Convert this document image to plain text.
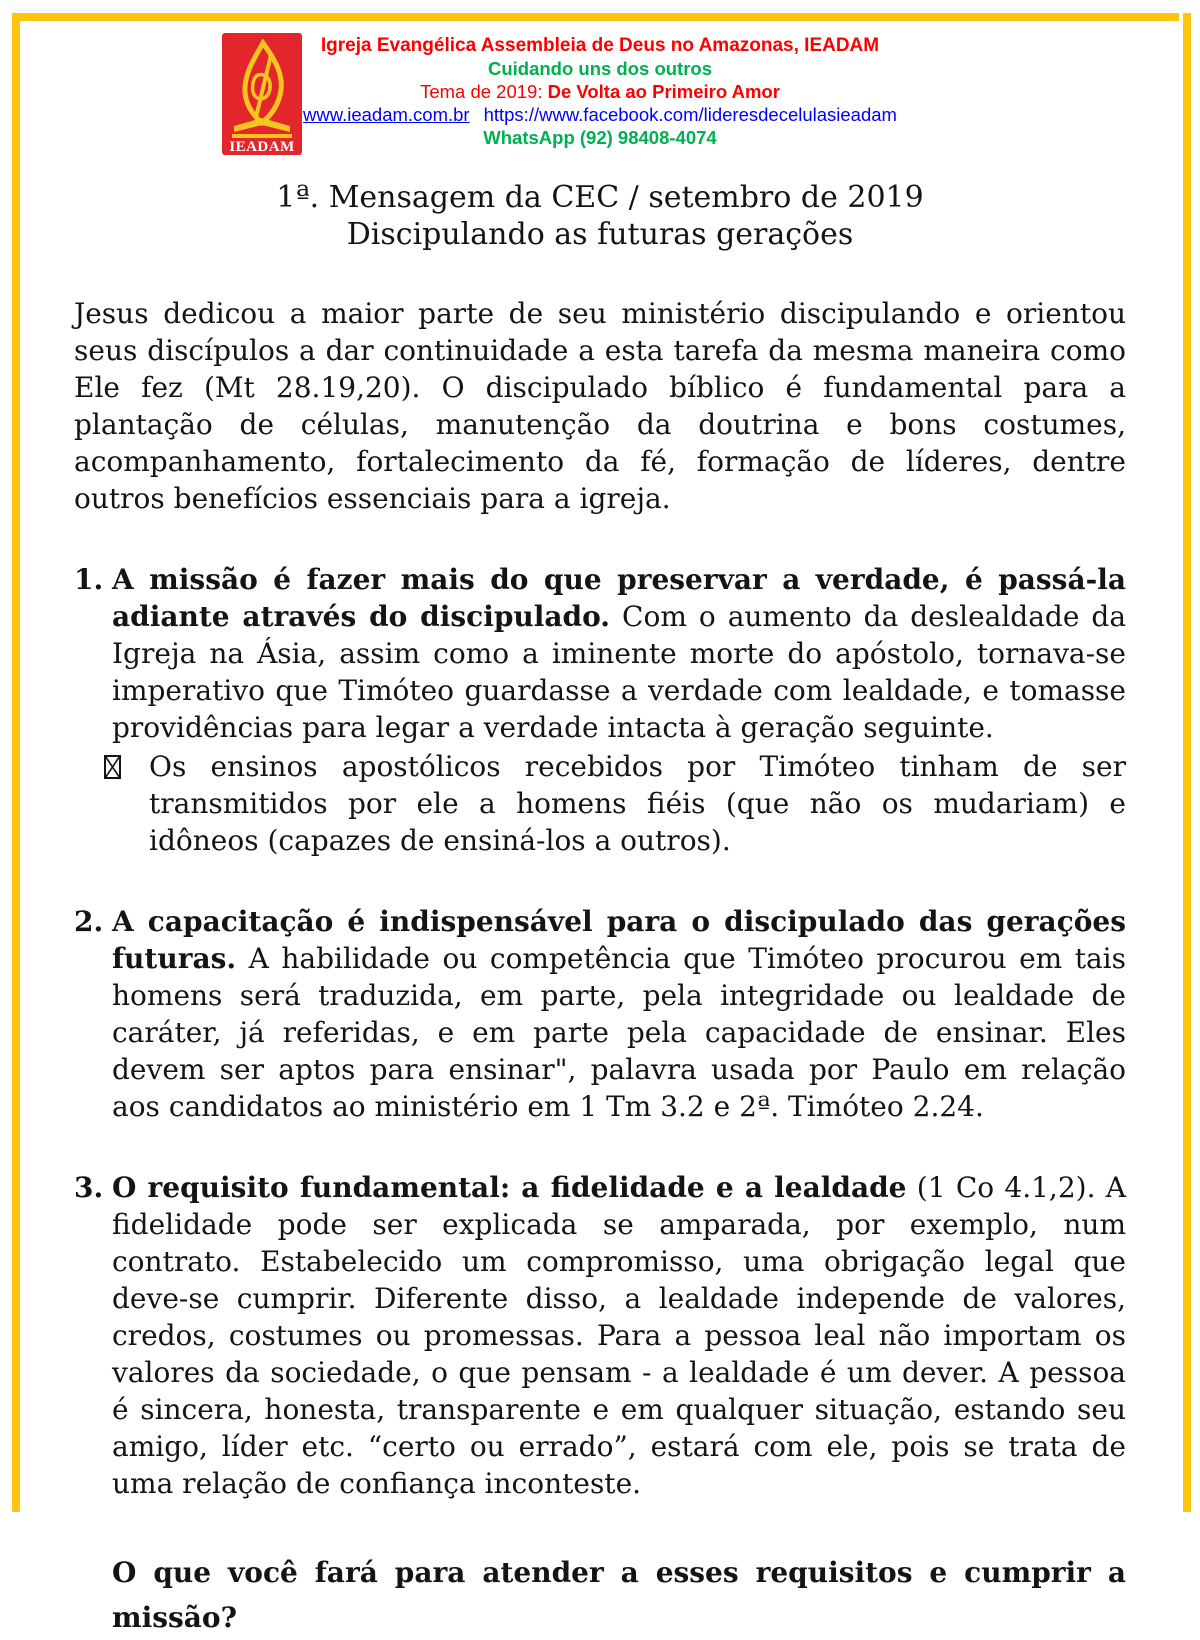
IEADAM
Igreja Evangélica Assembleia de Deus no Amazonas, IEADAM
Cuidando uns dos outros
Tema de 2019: De Volta ao Primeiro Amor
www.ieadam.com.br https://www.facebook.com/lideresdecelulasieadam
WhatsApp (92) 98408-4074
1ª. Mensagem da CEC / setembro de 2019
Discipulando as futuras gerações

Jesus dedicou a maior parte de seu ministério discipulando e orientou seus discípulos a dar continuidade a esta tarefa da mesma maneira como Ele fez (Mt 28.19,20). O discipulado bíblico é fundamental para a plantação de células, manutenção da doutrina e bons costumes, acompanhamento, fortalecimento da fé, formação de líderes, dentre outros benefícios essenciais para a igreja.

1. A missão é fazer mais do que preservar a verdade, é passá-la adiante através do discipulado. Com o aumento da deslealdade da Igreja na Ásia, assim como a iminente morte do apóstolo, tornava-se imperativo que Timóteo guardasse a verdade com lealdade, e tomasse providências para legar a verdade intacta à geração seguinte.

Os ensinos apostólicos recebidos por Timóteo tinham de ser transmitidos por ele a homens fiéis (que não os mudariam) e idôneos (capazes de ensiná-los a outros).

2. A capacitação é indispensável para o discipulado das gerações futuras. A habilidade ou competência que Timóteo procurou em tais homens será traduzida, em parte, pela integridade ou lealdade de caráter, já referidas, e em parte pela capacidade de ensinar. Eles devem ser aptos para ensinar", palavra usada por Paulo em relação aos candidatos ao ministério em 1 Tm 3.2 e 2ª. Timóteo 2.24.

3. O requisito fundamental: a fidelidade e a lealdade (1 Co 4.1,2). A fidelidade pode ser explicada se amparada, por exemplo, num contrato. Estabelecido um compromisso, uma obrigação legal que deve-se cumprir. Diferente disso, a lealdade independe de valores, credos, costumes ou promessas. Para a pessoa leal não importam os valores da sociedade, o que pensam - a lealdade é um dever. A pessoa é sincera, honesta, transparente e em qualquer situação, estando seu amigo, líder etc. “certo ou errado”, estará com ele, pois se trata de uma relação de confiança inconteste.

O que você fará para atender a esses requisitos e cumprir a missão?
